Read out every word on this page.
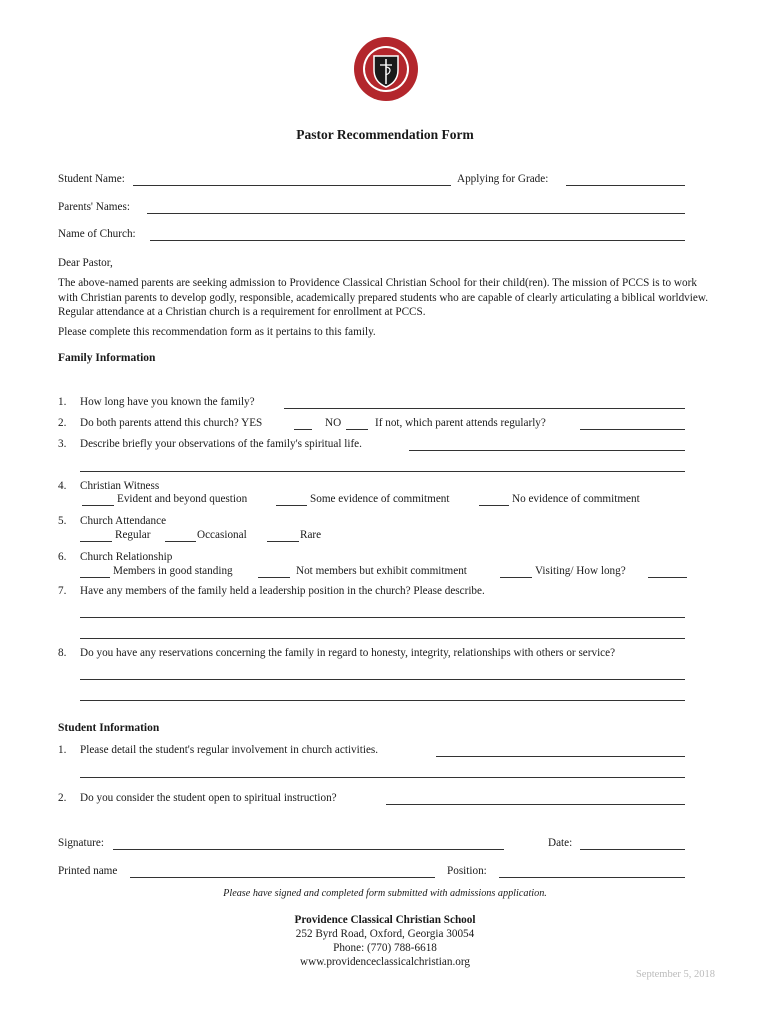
Pastor Recommendation Form
Student Name:	Applying for Grade:
Parents' Names:
Name of Church:
Dear Pastor,
The above-named parents are seeking admission to Providence Classical Christian School for their child(ren). The mission of PCCS is to work with Christian parents to develop godly, responsible, academically prepared students who are capable of clearly articulating a biblical worldview. Regular attendance at a Christian church is a requirement for enrollment at PCCS.
Please complete this recommendation form as it pertains to this family.
Family Information
1.	How long have you known the family?
2.	Do both parents attend this church? YES	NO	If not, which parent attends regularly?
3.	Describe briefly your observations of the family's spiritual life.
4.	Christian Witness
Evident and beyond question	Some evidence of commitment	No evidence of commitment
5.	Church Attendance
Regular	Occasional	Rare
6.	Church Relationship
Members in good standing	Not members but exhibit commitment	Visiting/ How long?
7.	Have any members of the family held a leadership position in the church? Please describe.
8.	Do you have any reservations concerning the family in regard to honesty, integrity, relationships with others or service?
Student Information
1.	Please detail the student's regular involvement in church activities.
2.	Do you consider the student open to spiritual instruction?
Signature:	Date:
Printed name	Position:
Please have signed and completed form submitted with admissions application.
Providence Classical Christian School
252 Byrd Road, Oxford, Georgia 30054
Phone: (770) 788-6618
www.providenceclassicalchristian.org
September 5, 2018
